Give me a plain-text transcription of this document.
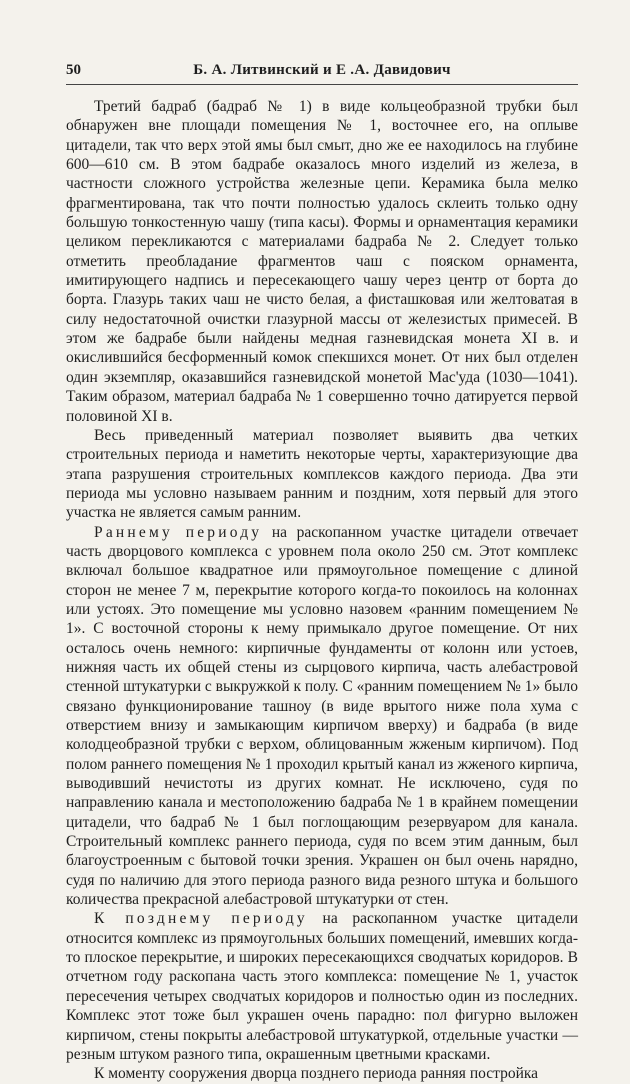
50	Б. А. Литвинский и Е .А. Давидович

Третий бадраб (бадраб № 1) в виде кольцеобразной трубки был обнаружен вне площади помещения № 1, восточнее его, на оплыве цитадели, так что верх этой ямы был смыт, дно же ее находилось на глубине 600—610 см. В этом бадрабе оказалось много изделий из железа, в частности сложного устройства железные цепи. Керамика была мелко фрагментирована, так что почти полностью удалось склеить только одну большую тонкостенную чашу (типа касы). Формы и орнаментация керамики целиком перекликаются с материалами бадраба № 2. Следует только отметить преобладание фрагментов чаш с пояском орнамента, имитирующего надпись и пересекающего чашу через центр от борта до борта. Глазурь таких чаш не чисто белая, а фисташковая или желтоватая в силу недостаточной очистки глазурной массы от железистых примесей. В этом же бадрабе были найдены медная газневидская монета XI в. и окислившийся бесформенный комок спекшихся монет. От них был отделен один экземпляр, оказавшийся газневидской монетой Мас'уда (1030—1041). Таким образом, материал бадраба № 1 совершенно точно датируется первой половиной XI в.

Весь приведенный материал позволяет выявить два четких строительных периода и наметить некоторые черты, характеризующие два этапа разрушения строительных комплексов каждого периода. Два эти периода мы условно называем ранним и поздним, хотя первый для этого участка не является самым ранним.

Раннему периоду на раскопанном участке цитадели отвечает часть дворцового комплекса с уровнем пола около 250 см. Этот комплекс включал большое квадратное или прямоугольное помещение с длиной сторон не менее 7 м, перекрытие которого когда-то покоилось на колоннах или устоях. Это помещение мы условно назовем «ранним помещением № 1». С восточной стороны к нему примыкало другое помещение. От них осталось очень немного: кирпичные фундаменты от колонн или устоев, нижняя часть их общей стены из сырцового кирпича, часть алебастровой стенной штукатурки с выкружкой к полу. С «ранним помещением № 1» было связано функционирование ташноу (в виде врытого ниже пола хума с отверстием внизу и замыкающим кирпичом вверху) и бадраба (в виде колодцеобразной трубки с верхом, облицованным жженым кирпичом). Под полом раннего помещения № 1 проходил крытый канал из жженого кирпича, выводивший нечистоты из других комнат. Не исключено, судя по направлению канала и местоположению бадраба № 1 в крайнем помещении цитадели, что бадраб № 1 был поглощающим резервуаром для канала. Строительный комплекс раннего периода, судя по всем этим данным, был благоустроенным с бытовой точки зрения. Украшен он был очень нарядно, судя по наличию для этого периода разного вида резного штука и большого количества прекрасной алебастровой штукатурки от стен.

К позднему периоду на раскопанном участке цитадели относится комплекс из прямоугольных больших помещений, имевших когда-то плоское перекрытие, и широких пересекающихся сводчатых коридоров. В отчетном году раскопана часть этого комплекса: помещение № 1, участок пересечения четырех сводчатых коридоров и полностью один из последних. Комплекс этот тоже был украшен очень парадно: пол фигурно выложен кирпичом, стены покрыты алебастровой штукатуркой, отдельные участки — резным штуком разного типа, окрашенным цветными красками.

К моменту сооружения дворца позднего периода ранняя постройка
